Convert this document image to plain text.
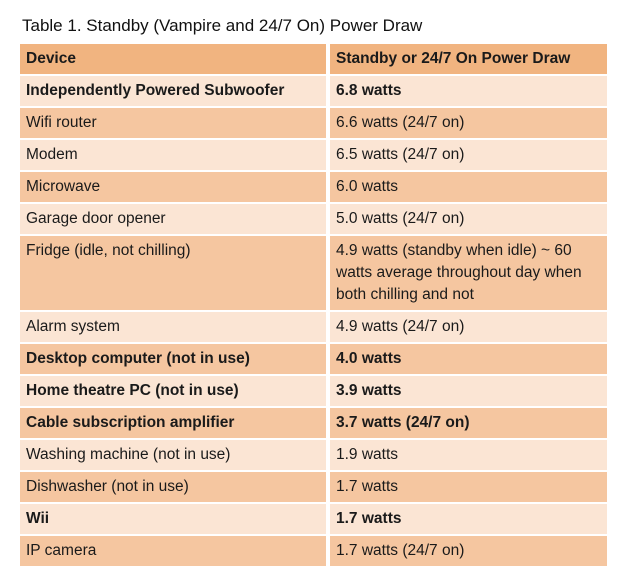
Table 1. Standby (Vampire and 24/7 On) Power Draw
Device	Standby or 24/7 On Power Draw
Independently Powered Subwoofer	6.8 watts
Wifi router	6.6 watts (24/7 on)
Modem	6.5 watts (24/7 on)
Microwave	6.0 watts
Garage door opener	5.0 watts (24/7 on)
Fridge (idle, not chilling)	4.9 watts (standby when idle) ~ 60 watts average throughout day when both chilling and not
Alarm system	4.9 watts (24/7 on)
Desktop computer (not in use)	4.0 watts
Home theatre PC (not in use)	3.9 watts
Cable subscription amplifier	3.7 watts (24/7 on)
Washing machine (not in use)	1.9 watts
Dishwasher (not in use)	1.7 watts
Wii	1.7 watts
IP camera	1.7 watts (24/7 on)
